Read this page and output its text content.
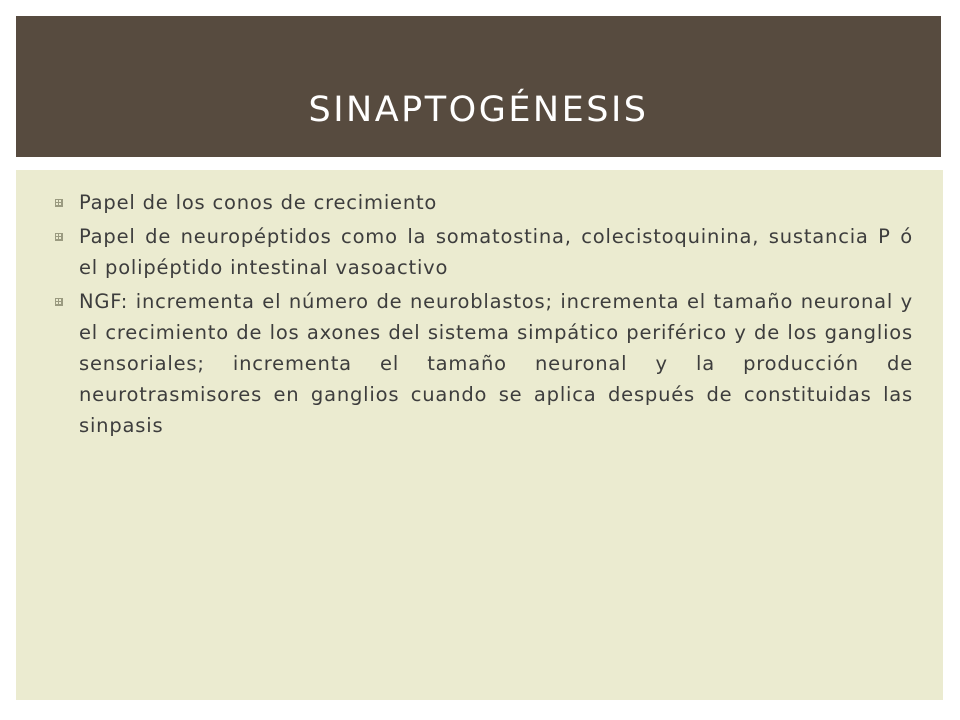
SINAPTOGÉNESIS
Papel de los conos de crecimiento
Papel de neuropéptidos como la somatostina, colecistoquinina, sustancia P ó el polipéptido intestinal vasoactivo
NGF: incrementa el número de neuroblastos; incrementa el tamaño neuronal y el crecimiento de los axones del sistema simpático periférico y de los ganglios sensoriales; incrementa el tamaño neuronal y la producción de neurotrasmisores en ganglios cuando se aplica después de constituidas las sinpasis
